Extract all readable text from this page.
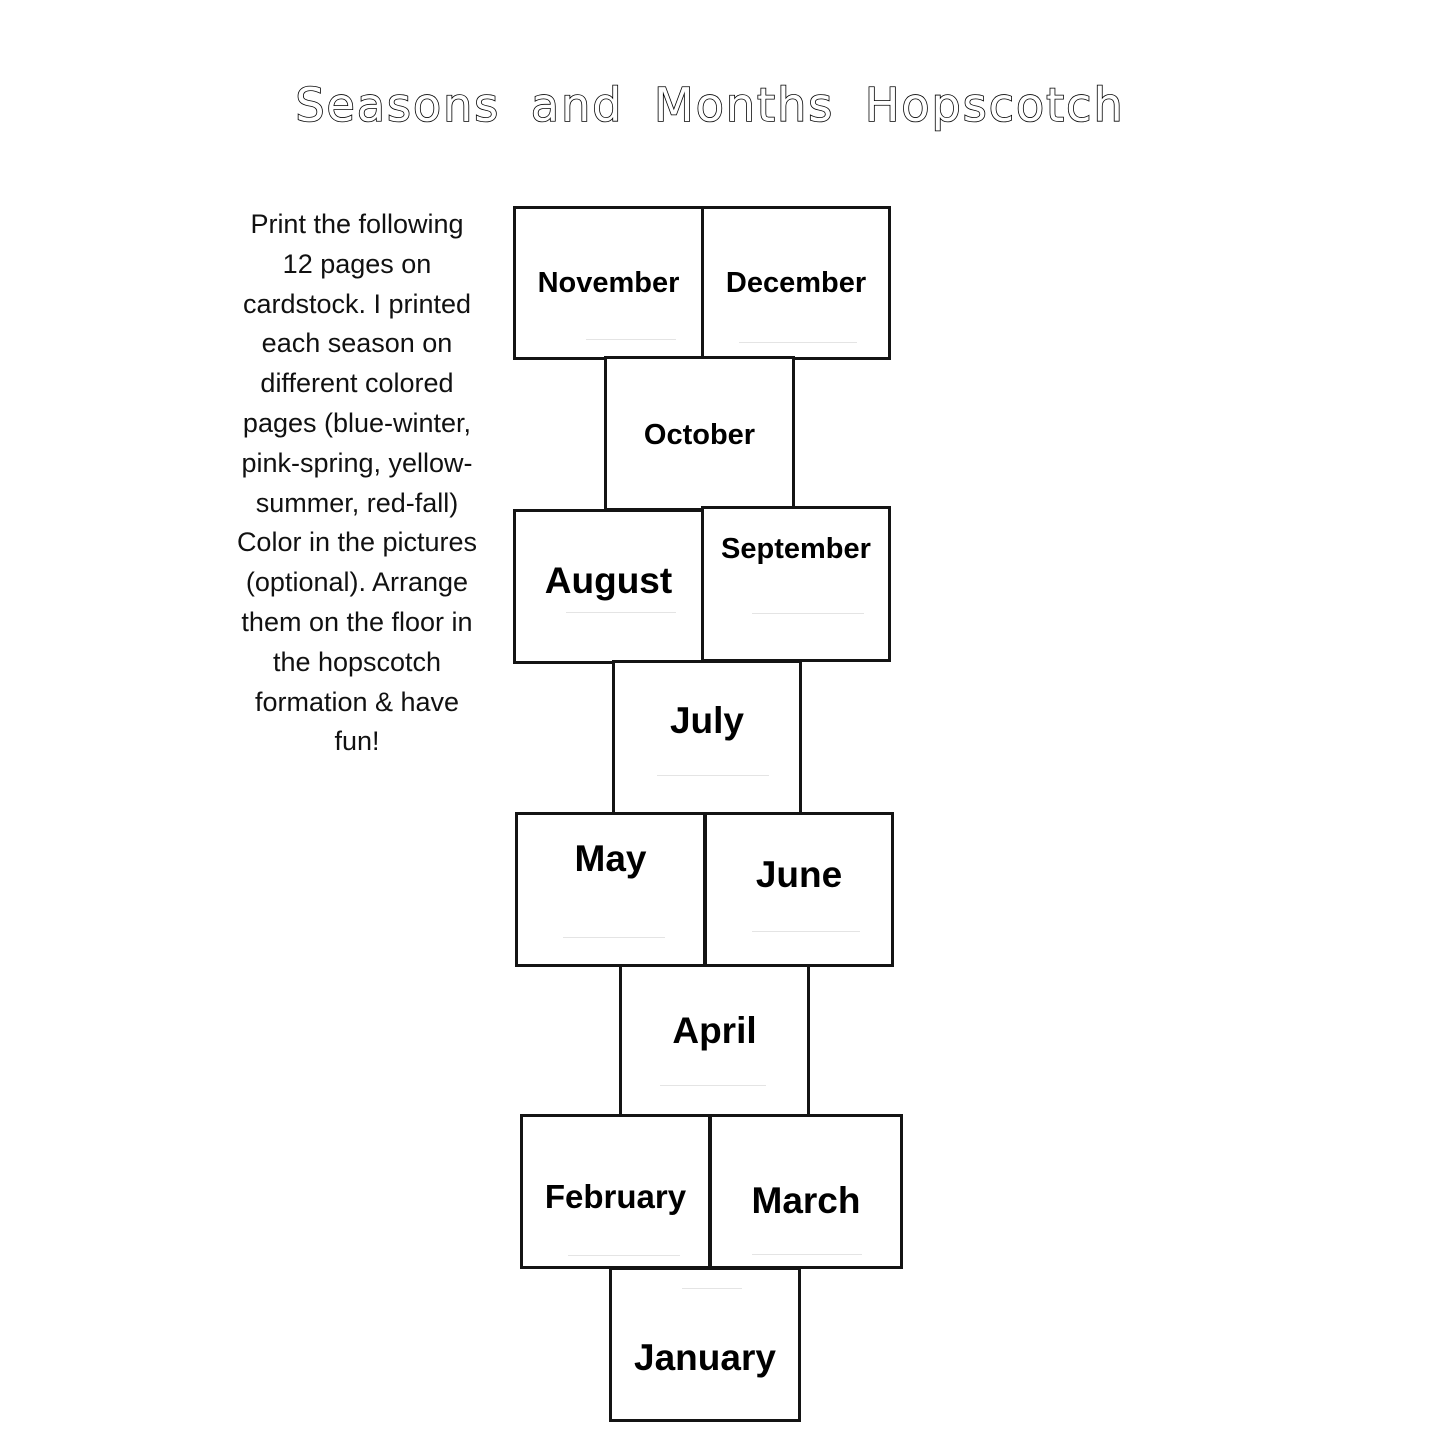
Seasons and Months Hopscotch
Print the following 12 pages on cardstock. I printed each season on different colored pages (blue-winter, pink-spring, yellow-summer, red-fall) Color in the pictures (optional). Arrange them on the floor in the hopscotch formation & have fun!
November	December
October
August
September
July
May	June
April
February	March
January
